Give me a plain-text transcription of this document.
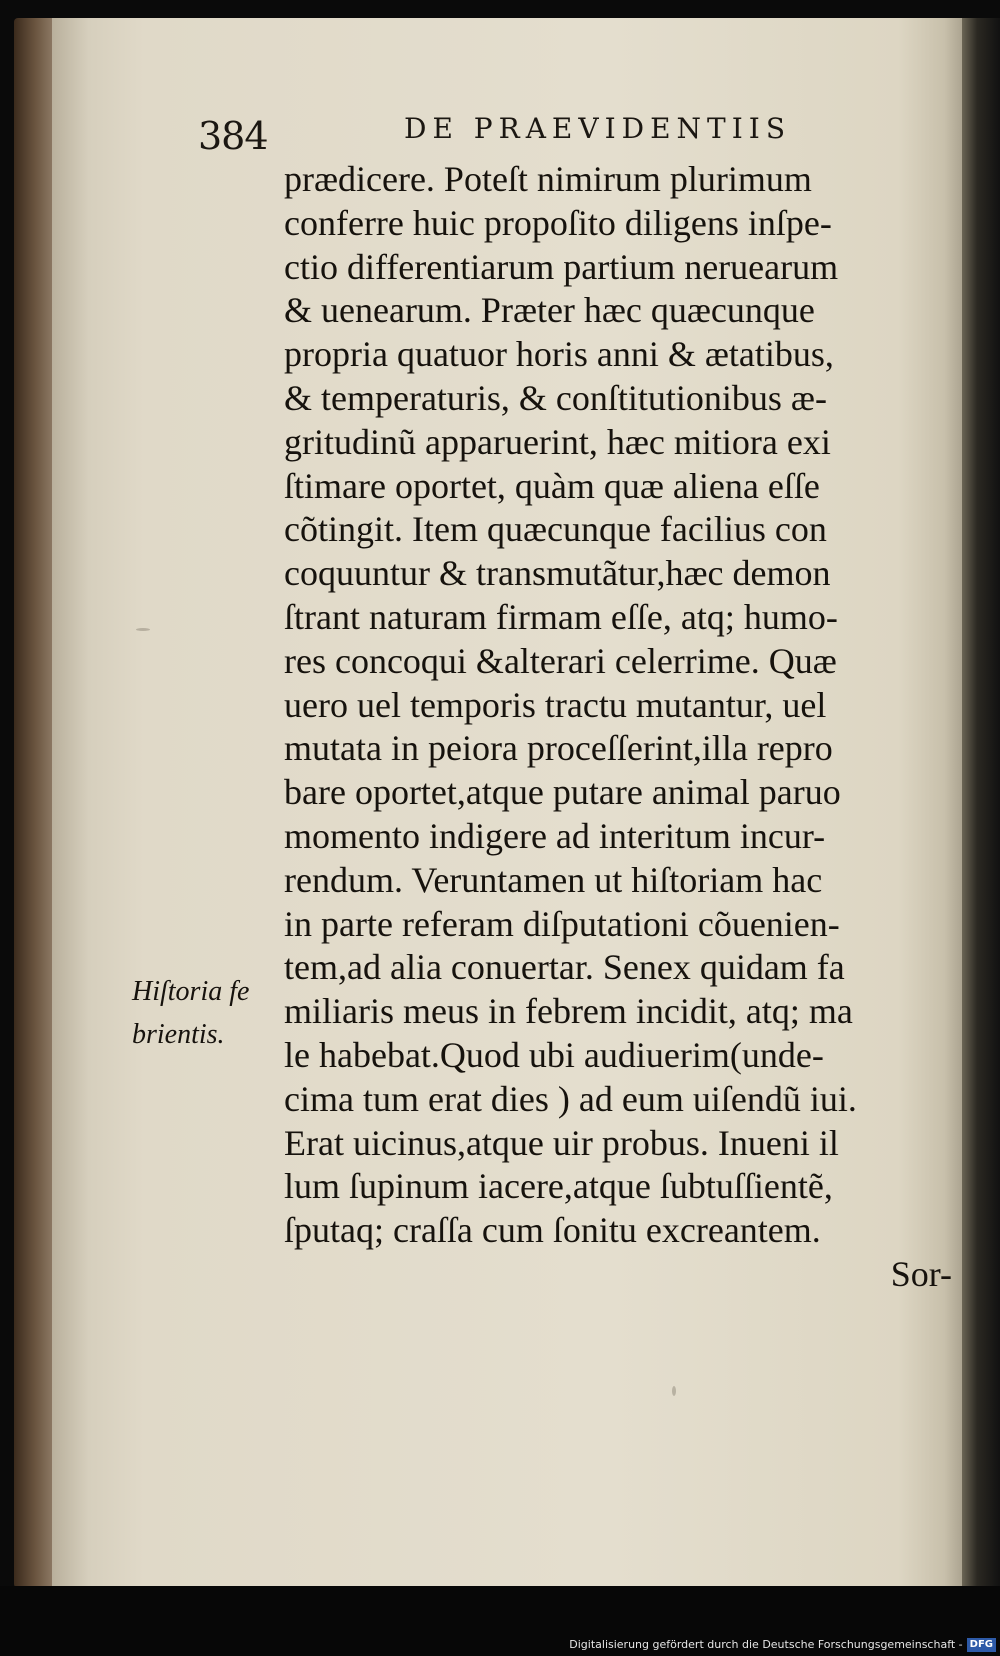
384	DE PRAEVIDENTIIS
Hiſtoria fe
brientis.
prædicere. Poteſt nimirum plurimum
conferre huic propoſito diligens inſpe-
ctio differentiarum partium neruearum
& uenearum. Præter hæc quæcunque
propria quatuor horis anni & ætatibus,
& temperaturis, & conſtitutionibus æ-
gritudinũ apparuerint, hæc mitiora exi
ſtimare oportet, quàm quæ aliena eſſe
cõtingit. Item quæcunque facilius con
coquuntur & transmutãtur,hæc demon
ſtrant naturam firmam eſſe, atq; humo-
res concoqui &alterari celerrime. Quæ
uero uel temporis tractu mutantur, uel
mutata in peiora proceſſerint,illa repro
bare oportet,atque putare animal paruo
momento indigere ad interitum incur-
rendum. Veruntamen ut hiſtoriam hac
in parte referam diſputationi cõuenien-
tem,ad alia conuertar. Senex quidam fa
miliaris meus in febrem incidit, atq; ma
le habebat.Quod ubi audiuerim(unde-
cima tum erat dies ) ad eum uiſendũ iui.
Erat uicinus,atque uir probus. Inueni il
lum ſupinum iacere,atque ſubtuſſientẽ,
ſputaq; craſſa cum ſonitu excreantem.
Sor-
Digitalisierung gefördert durch die Deutsche Forschungsgemeinschaft - DFG
